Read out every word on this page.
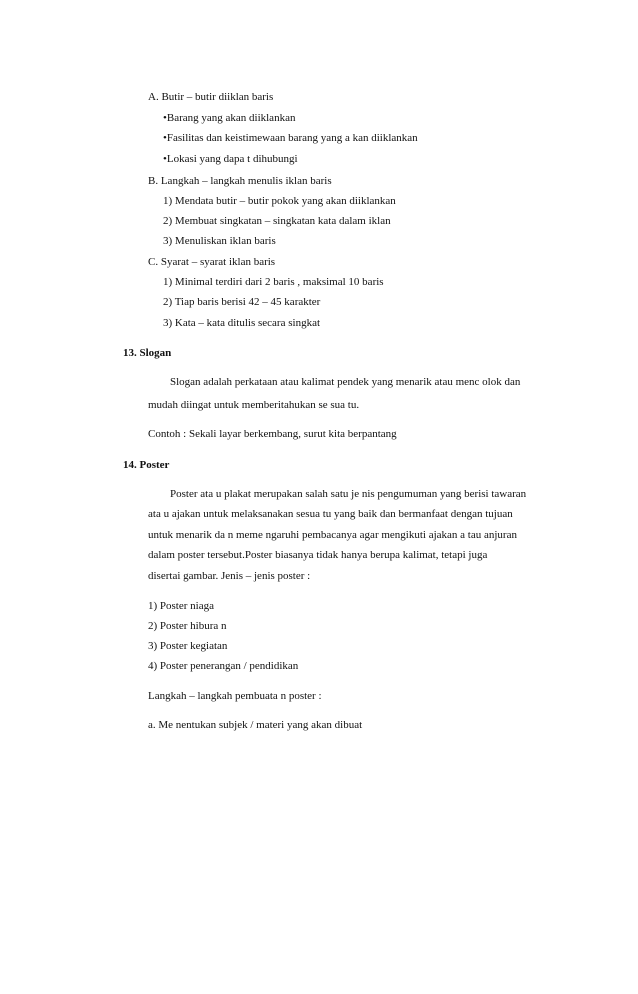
A. Butir – butir diiklan baris
•Barang yang akan diiklankan
•Fasilitas dan keistimewaan barang yang a kan diiklankan
•Lokasi yang dapa t dihubungi
B. Langkah – langkah menulis iklan baris
1) Mendata butir – butir pokok yang akan diiklankan
2) Membuat singkatan – singkatan kata dalam iklan
3) Menuliskan iklan baris
C. Syarat – syarat iklan baris
1) Minimal terdiri dari 2 baris , maksimal 10 baris
2) Tiap baris berisi 42 – 45 karakter
3) Kata – kata ditulis secara singkat
13. Slogan
Slogan adalah perkataan atau kalimat pendek yang menarik atau menc olok dan
mudah diingat untuk memberitahukan se sua tu.
Contoh : Sekali layar berkembang, surut kita berpantang
14. Poster
Poster ata u plakat merupakan salah satu je nis pengumuman yang berisi tawaran
ata u ajakan untuk melaksanakan sesua tu yang baik dan bermanfaat dengan tujuan
untuk menarik da n meme ngaruhi pembacanya agar mengikuti ajakan a tau anjuran
dalam poster tersebut.Poster biasanya tidak hanya berupa kalimat, tetapi juga
disertai gambar. Jenis – jenis poster :
1) Poster niaga
2) Poster hibura n
3) Poster kegiatan
4) Poster penerangan / pendidikan
Langkah – langkah pembuata n poster :
a. Me nentukan subjek / materi yang akan dibuat
